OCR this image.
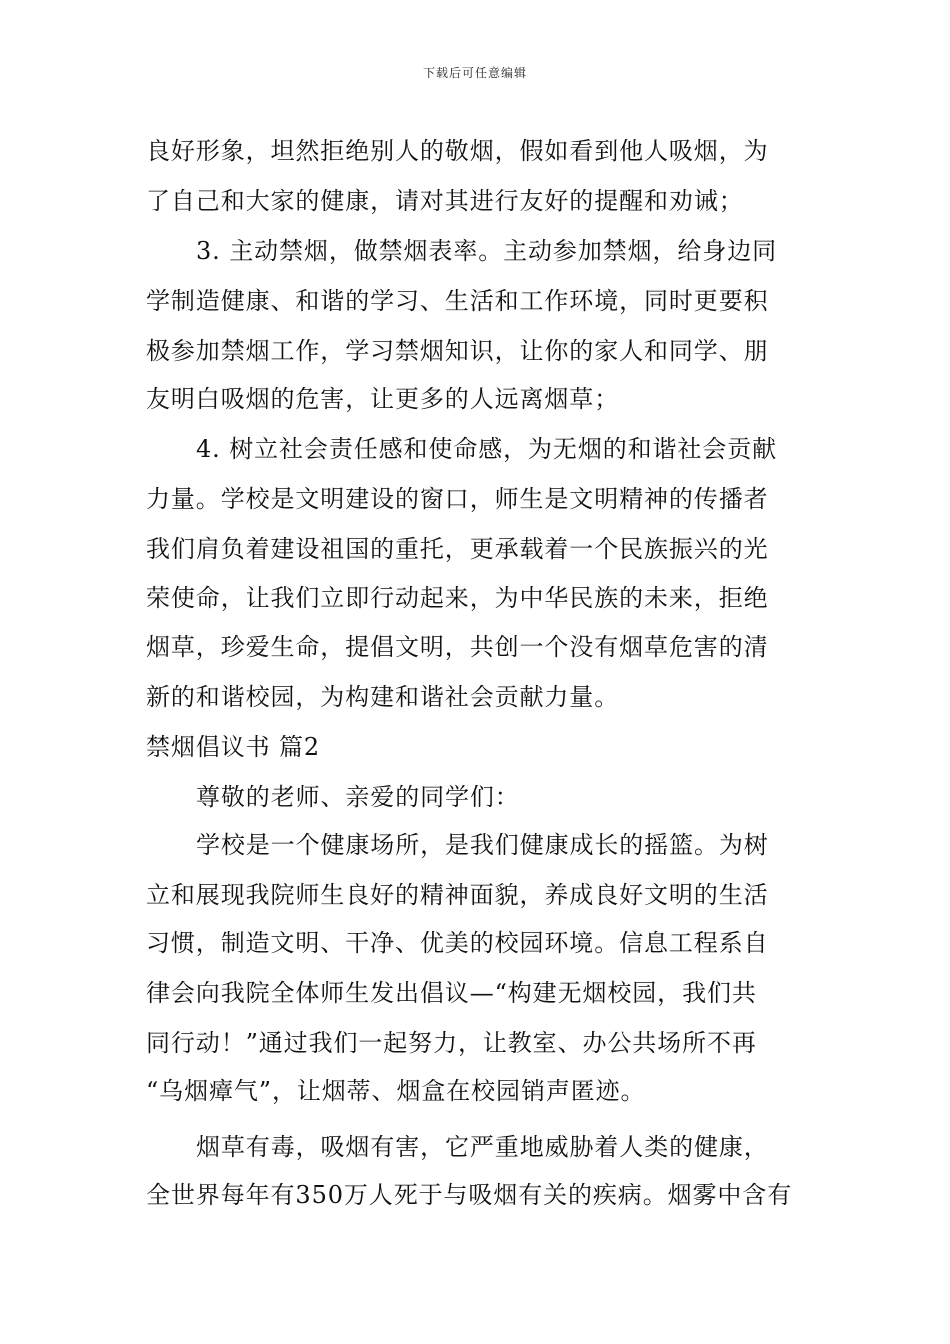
下载后可任意编辑
良好形象，坦然拒绝别人的敬烟，假如看到他人吸烟，为
了自己和大家的健康，请对其进行友好的提醒和劝诫；
3. 主动禁烟，做禁烟表率。主动参加禁烟，给身边同
学制造健康、和谐的学习、生活和工作环境，同时更要积
极参加禁烟工作，学习禁烟知识，让你的家人和同学、朋
友明白吸烟的危害，让更多的人远离烟草；
4. 树立社会责任感和使命感，为无烟的和谐社会贡献
力量。学校是文明建设的窗口，师生是文明精神的传播者
我们肩负着建设祖国的重托，更承载着一个民族振兴的光
荣使命，让我们立即行动起来，为中华民族的未来，拒绝
烟草，珍爱生命，提倡文明，共创一个没有烟草危害的清
新的和谐校园，为构建和谐社会贡献力量。
禁烟倡议书 篇2
尊敬的老师、亲爱的同学们：
学校是一个健康场所，是我们健康成长的摇篮。为树
立和展现我院师生良好的精神面貌，养成良好文明的生活
习惯，制造文明、干净、优美的校园环境。信息工程系自
律会向我院全体师生发出倡议—“构建无烟校园，我们共
同行动！”通过我们一起努力，让教室、办公共场所不再
“乌烟瘴气”，让烟蒂、烟盒在校园销声匿迹。
烟草有毒，吸烟有害，它严重地威胁着人类的健康，
全世界每年有350万人死于与吸烟有关的疾病。烟雾中含有
